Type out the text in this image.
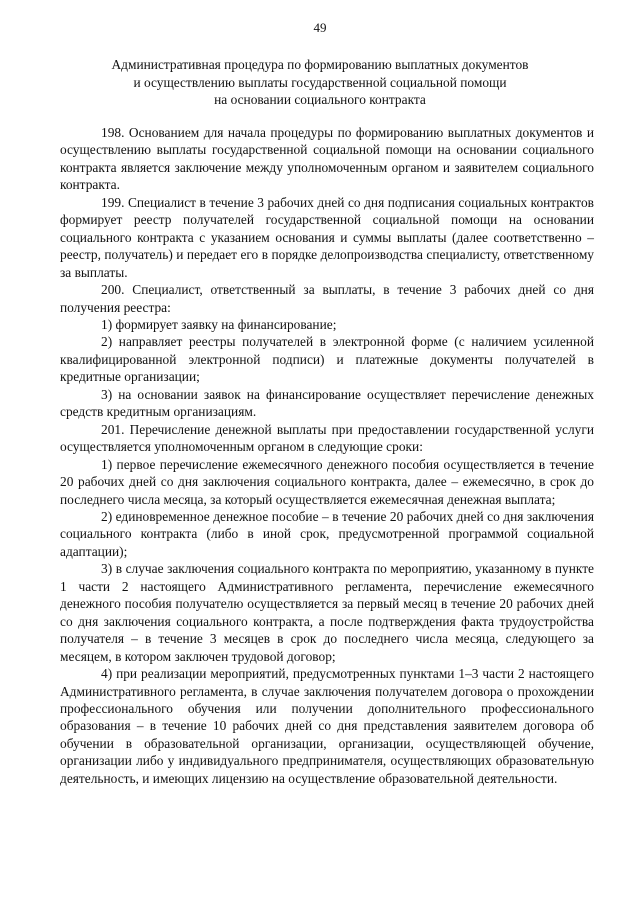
49
Административная процедура по формированию выплатных документов
и осуществлению выплаты государственной социальной помощи
на основании социального контракта

198. Основанием для начала процедуры по формированию выплатных документов и осуществлению выплаты государственной социальной помощи на основании социального контракта является заключение между уполномоченным органом и заявителем социального контракта.

199. Специалист в течение 3 рабочих дней со дня подписания социальных контрактов формирует реестр получателей государственной социальной помощи на основании социального контракта с указанием основания и суммы выплаты (далее соответственно – реестр, получатель) и передает его в порядке делопроизводства специалисту, ответственному за выплаты.

200. Специалист, ответственный за выплаты, в течение 3 рабочих дней со дня получения реестра:

1) формирует заявку на финансирование;

2) направляет реестры получателей в электронной форме (с наличием усиленной квалифицированной электронной подписи) и платежные документы получателей в кредитные организации;

3) на основании заявок на финансирование осуществляет перечисление денежных средств кредитным организациям.

201. Перечисление денежной выплаты при предоставлении государственной услуги осуществляется уполномоченным органом в следующие сроки:

1) первое перечисление ежемесячного денежного пособия осуществляется в течение 20 рабочих дней со дня заключения социального контракта, далее – ежемесячно, в срок до последнего числа месяца, за который осуществляется ежемесячная денежная выплата;

2) единовременное денежное пособие – в течение 20 рабочих дней со дня заключения социального контракта (либо в иной срок, предусмотренной программой социальной адаптации);

3) в случае заключения социального контракта по мероприятию, указанному в пункте 1 части 2 настоящего Административного регламента, перечисление ежемесячного денежного пособия получателю осуществляется за первый месяц в течение 20 рабочих дней со дня заключения социального контракта, а после подтверждения факта трудоустройства получателя – в течение 3 месяцев в срок до последнего числа месяца, следующего за месяцем, в котором заключен трудовой договор;

4) при реализации мероприятий, предусмотренных пунктами 1–3 части 2 настоящего Административного регламента, в случае заключения получателем договора о прохождении профессионального обучения или получении дополнительного профессионального образования – в течение 10 рабочих дней со дня представления заявителем договора об обучении в образовательной организации, организации, осуществляющей обучение, организации либо у индивидуального предпринимателя, осуществляющих образовательную деятельность, и имеющих лицензию на осуществление образовательной деятельности.
